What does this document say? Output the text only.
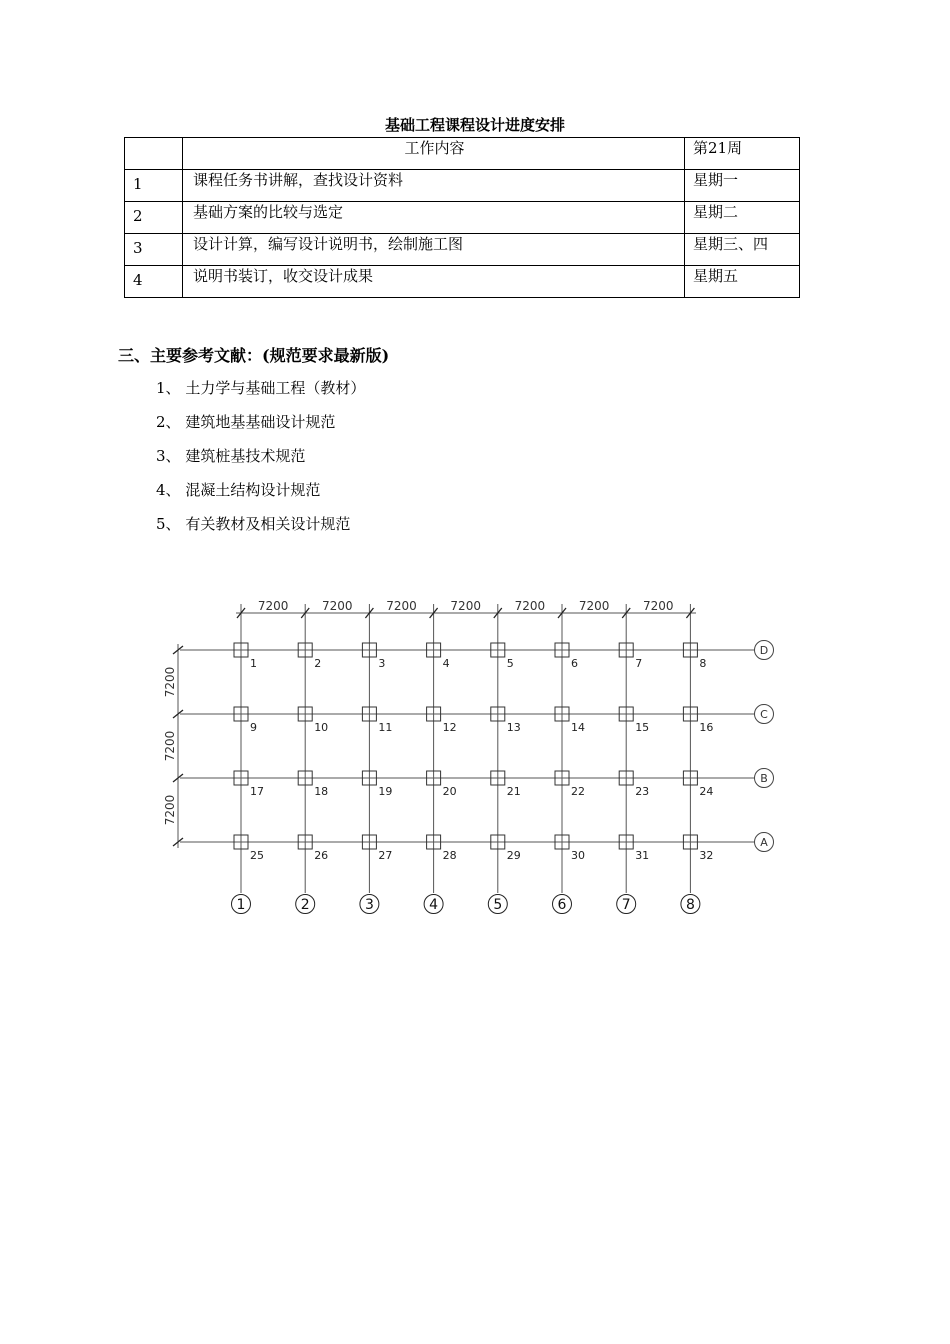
基础工程课程设计进度安排
	工作内容	第21周
1	课程任务书讲解，查找设计资料	星期一
2	基础方案的比较与选定	星期二
3	设计计算，编写设计说明书，绘制施工图	星期三、四
4	说明书装订，收交设计成果	星期五
三、主要参考文献：(规范要求最新版)
1、 土力学与基础工程（教材）
2、 建筑地基基础设计规范
3、 建筑桩基技术规范
4、 混凝土结构设计规范
5、 有关教材及相关设计规范
7200	7200	7200	7200	7200	7200	7200
7200
7200
7200
1	2	3	4	5	6	7	8
9	10	11	12	13	14	15	16
17	18	19	20	21	22	23	24
25	26	27	28	29	30	31	32
1	2	3	4	5	6	7	8
D
C
B
A
